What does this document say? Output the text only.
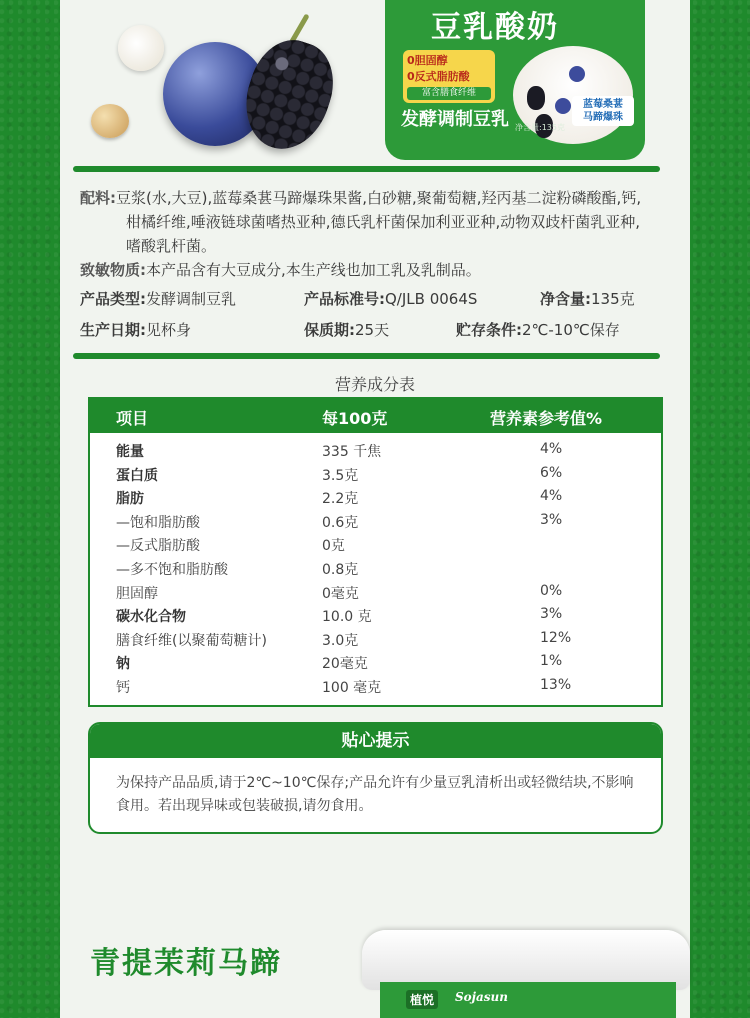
豆乳酸奶
0胆固醇
0反式脂肪酸
富含膳食纤维
发酵调制豆乳
蓝莓桑葚
马蹄爆珠
净含量:135克
配料:豆浆(水,大豆),蓝莓桑葚马蹄爆珠果酱,白砂糖,聚葡萄糖,羟丙基二淀粉磷酸酯,钙,柑橘纤维,唾液链球菌嗜热亚种,德氏乳杆菌保加利亚亚种,动物双歧杆菌乳亚种,嗜酸乳杆菌。
致敏物质:本产品含有大豆成分,本生产线也加工乳及乳制品。
产品类型:发酵调制豆乳	产品标准号:Q/JLB 0064S	净含量:135克
生产日期:见杯身	保质期:25天	贮存条件:2℃-10℃保存
营养成分表
项目	每100克	营养素参考值%
能量	335 千焦	4%
蛋白质	3.5克	6%
脂肪	2.2克	4%
—饱和脂肪酸	0.6克	3%
—反式脂肪酸	0克
—多不饱和脂肪酸	0.8克
胆固醇	0毫克	0%
碳水化合物	10.0 克	3%
膳食纤维(以聚葡萄糖计)	3.0克	12%
钠	20毫克	1%
钙	100 毫克	13%
贴心提示
为保持产品品质,请于2℃~10℃保存;产品允许有少量豆乳清析出或轻微结块,不影响食用。若出现异味或包装破损,请勿食用。
青提茉莉马蹄
植悦	Sojasun
